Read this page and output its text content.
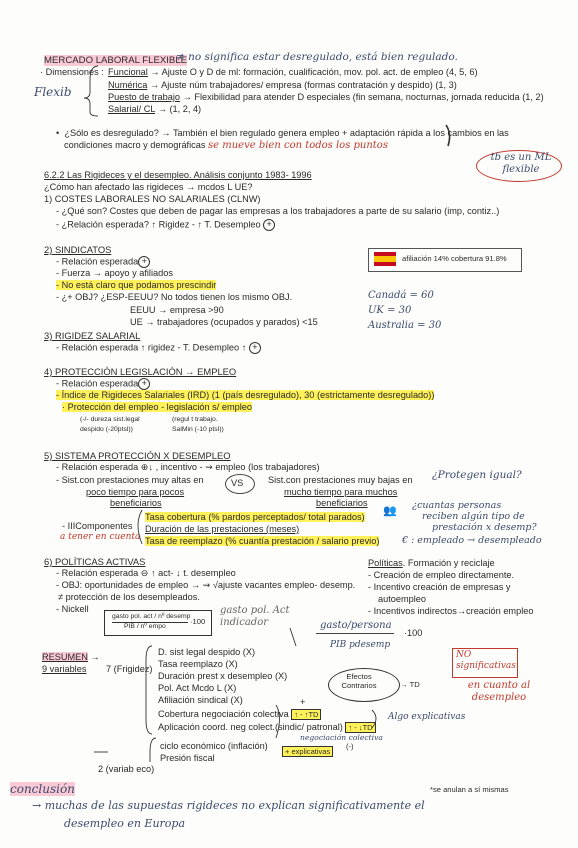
MERCADO LABORAL FLEXIBLE
≠ no significa estar desregulado, está bien regulado.
· Dimensiones : Funcional → Ajuste O y D de ml: formación, cualificación, mov. pol. act. de empleo (4, 5, 6)
Flexib	Numérica → Ajuste núm trabajadores/ empresa (formas contratación y despido) (1, 3)
Puesto de trabajo → Flexibilidad para atender D especiales (fin semana, nocturnas, jornada reducida (1, 2)
Salarial/ CL → (1, 2, 4)
•  ¿Sólo es desregulado? → También el bien regulado genera empleo + adaptación rápida a los cambios en las
condiciones macro y demográficas se mueve bien con todos los puntos
tb es un ML flexible
6.2.2 Las Rigideces y el desempleo. Análisis conjunto 1983- 1996
¿Cómo han afectado las rigideces → mcdos L UE?
1) COSTES LABORALES NO SALARIALES (CLNW)
- ¿Qué son? Costes que deben de pagar las empresas a los trabajadores a parte de su salario (imp, contiz..)
- ¿Relación esperada? ↑ Rigidez - ↑ T. Desempleo +
2) SINDICATOS
- Relación esperada +
- Fuerza → apoyo y afiliados
- No está claro que podamos prescindir
- ¿+ OBJ? ¿ESP-EEUU? No todos tienen los mismo OBJ.
EEUU → empresa >90
UE → trabajadores (ocupados y parados) <15
afiliación 14% cobertura 91.8%
Canadá = 60
UK = 30
Australia = 30
3) RIGIDEZ SALARIAL
- Relación esperada ↑ rigidez - T. Desempleo ↑ +
4) PROTECCIÓN LEGISLACIÓN → EMPLEO
- Relación esperada +
- Índice de Rigideces Salariales (IRD) (1 (país desregulado), 30 (estrictamente desregulado))
· Protección del empleo - legislación s/ empleo
(-/- dureza sist.legal
despido (-20ptsl))
(regul t trabajo.
SalMin (-10 ptsl))
5) SISTEMA PROTECCIÓN X DESEMPLEO
- Relación esperada ⊕↓ , incentivo - ⇝ empleo (los trabajadores)
- Sist.con prestaciones muy altas en
poco tiempo para pocos
beneficiarios
VS	Sist.con prestaciones muy bajas en
mucho tiempo para muchos
beneficiarios
¿Protegen igual?
- IIIComponentes
a tener en cuenta
Tasa cobertura (% pardos perceptados/ total parados)
Duración de las prestaciones (meses)
Tasa de reemplazo (% cuantía prestación / salario previo)
👥 ¿cuantas personas
reciben algún tipo de
prestación x desemp?
€ : empleado → desempleado
6) POLÍTICAS ACTIVAS
- Relación esperada ⊖ ↑ act- ↓ t. desempleo
- OBJ: oportunidades de empleo → ⇝ √ajuste vacantes empleo- desemp.
≠ protección de los desempleados.
- Nickell
gasto pol. act / nº desemp
PIB / nº empo
·100
gasto pol. Act
indicador	gasto/persona
PIB pdesemp
·100
Políticas. Formación y reciclaje
- Creación de empleo directamente.
- Incentivo creación de empresas y
autoempleo
- Incentivos indirectos→creación empleo
RESUMEN →
9 variables 7 (Frigidez)
D. sist legal despido (X)
Tasa reemplazo (X)
Duración prest x desempleo (X)
Pol. Act Mcdo L (X)
Afiliación sindical (X)
Cobertura negociación colectiva ↑ - ↑TD
Aplicación coord. neg colect.(sindic/ patronal) ↑ - ↓TD
negociación colectiva
(-)
+
Algo explicativas
Efectos Contrarios	→ TD
NO significativas
en cuanto al desempleo
ciclo económico (inflación)
Presión fiscal
+ explicativas
2 (variab eco)
*se anulan a sí mismas
conclusión
→ muchas de las supuestas rigideces no explican significativamente el
desempleo en Europa
